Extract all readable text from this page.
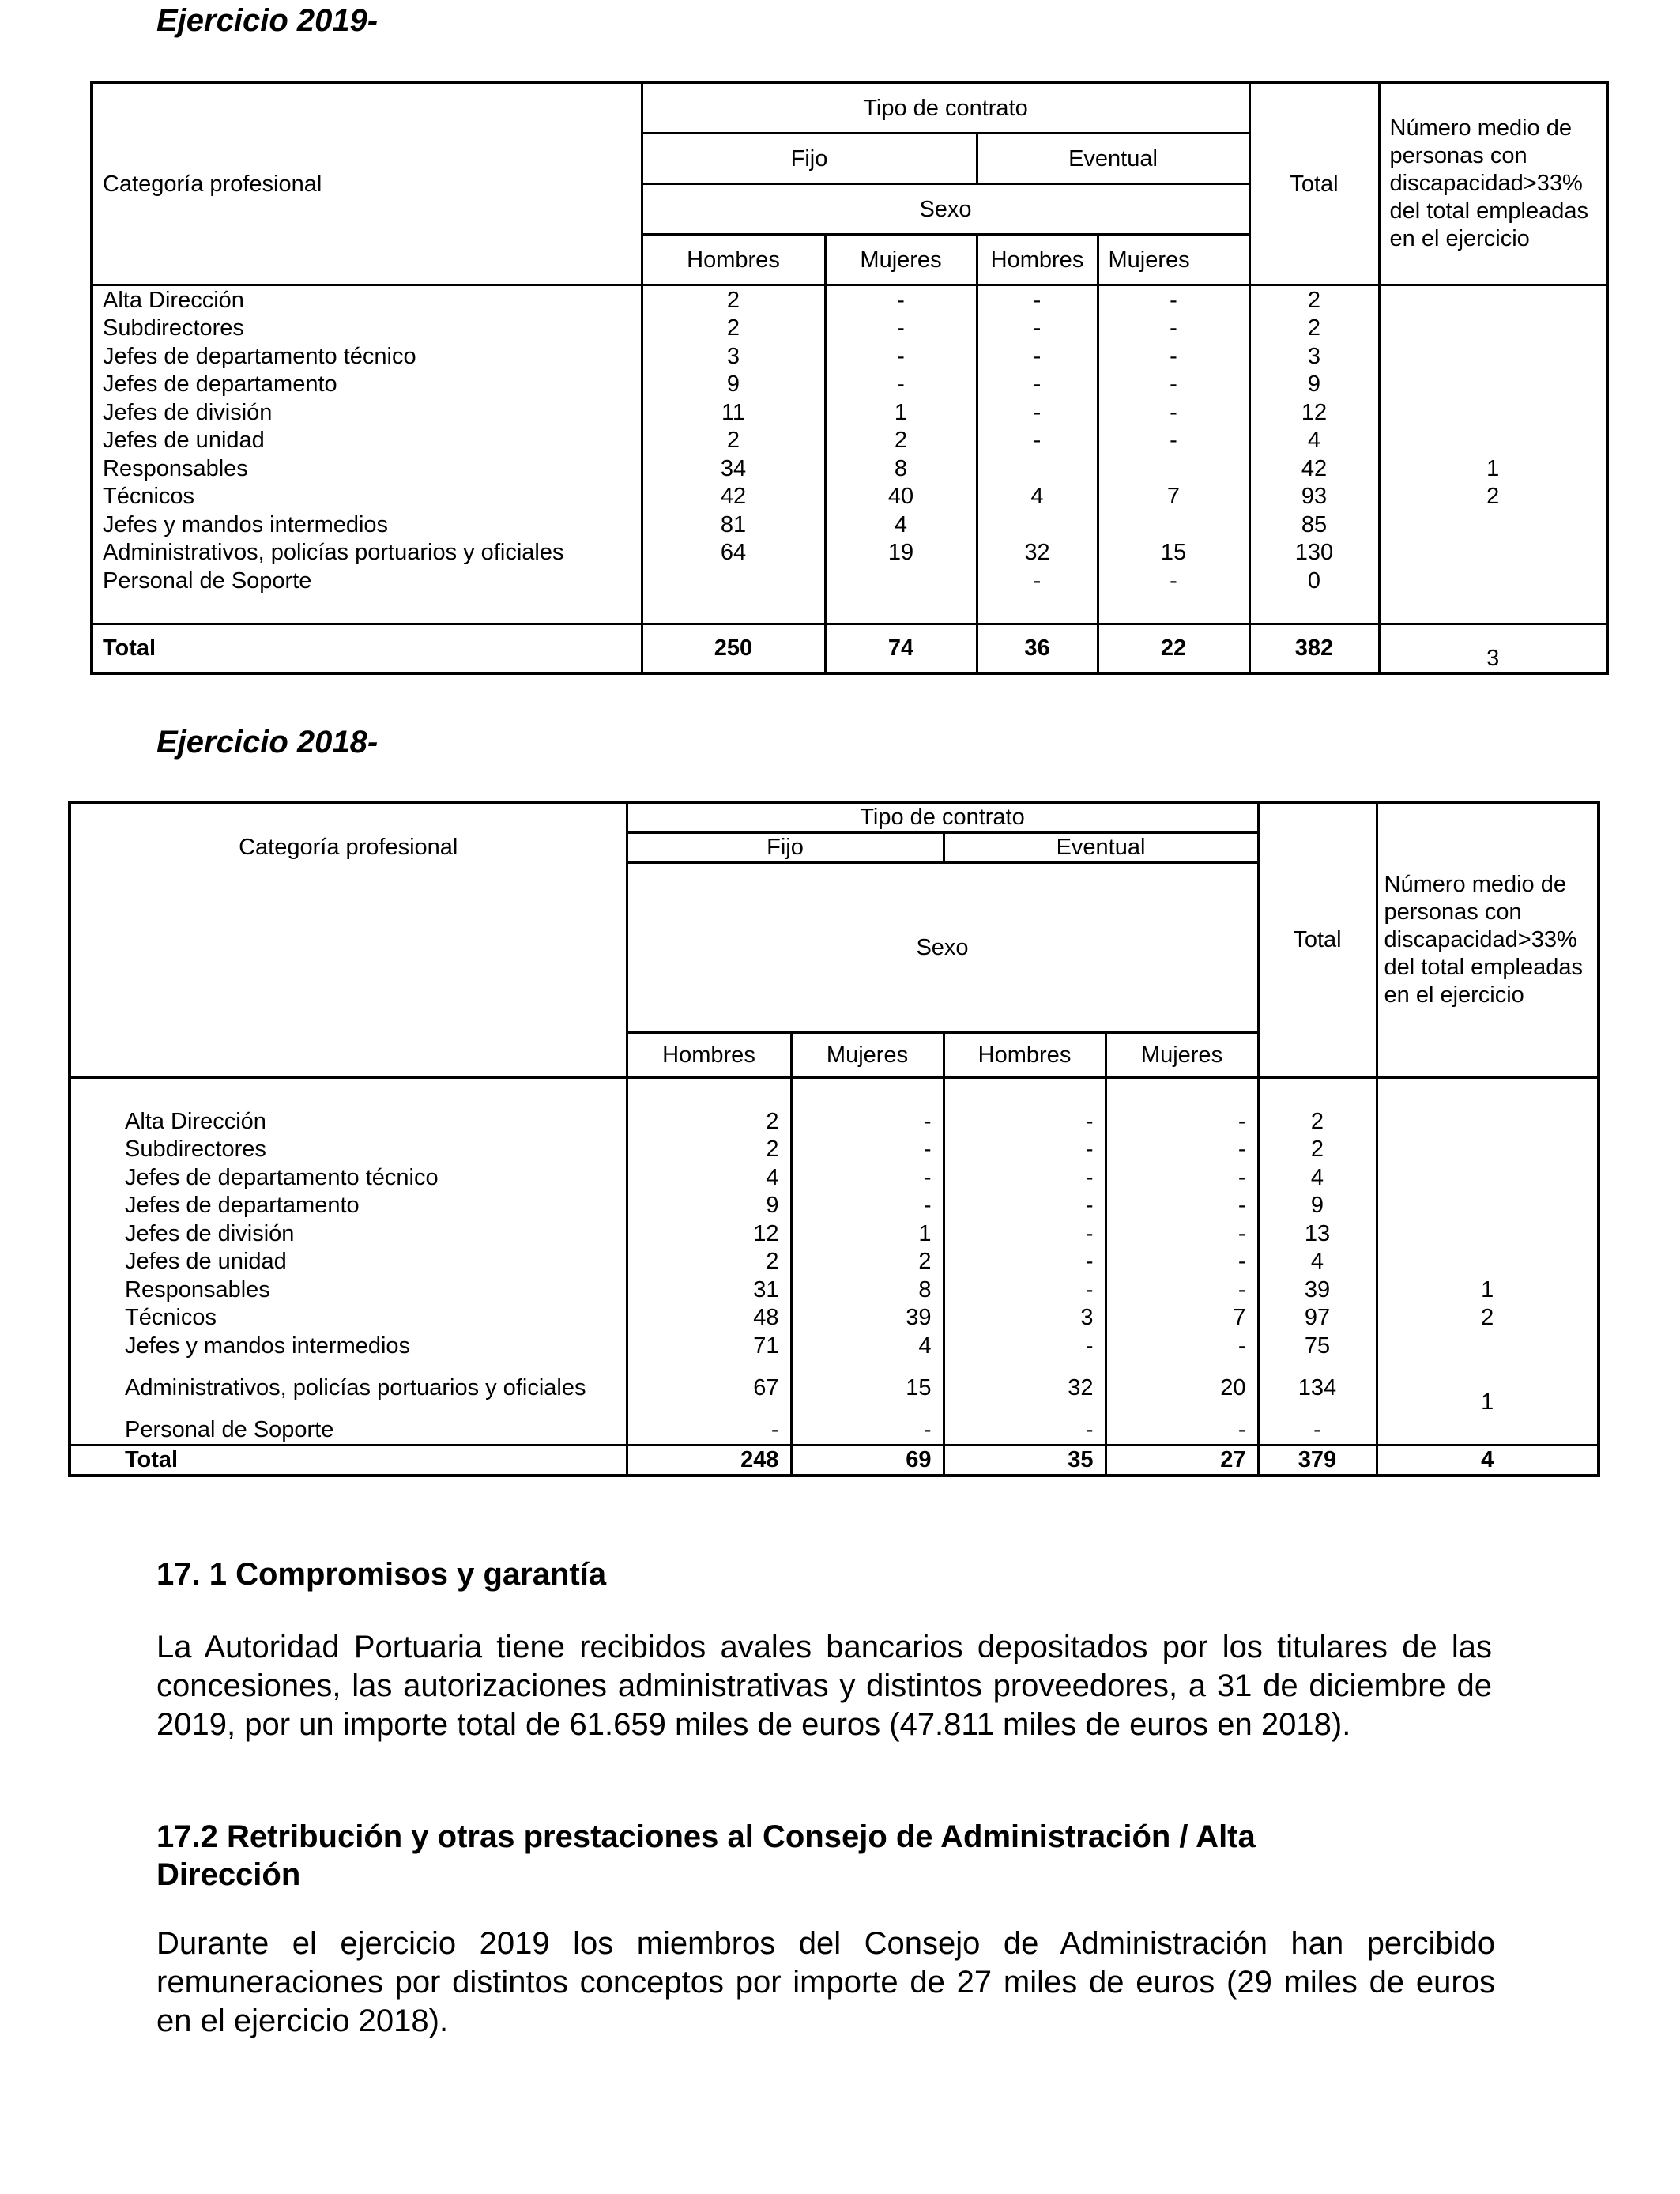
Ejercicio 2019-
Categoría profesional	Tipo de contrato				Total	Número medio de personas con discapacidad>33% del total empleadas en el ejercicio
	Fijo		Eventual			
	Sexo					
	Hombres	Mujeres	Hombres	Mujeres		
Alta Dirección	2	-	-	-	2	
Subdirectores	2	-	-	-	2	
Jefes de departamento técnico	3	-	-	-	3	
Jefes de departamento	9	-	-	-	9	
Jefes de división	11	1	-	-	12	
Jefes de unidad	2	2	-	-	4	
Responsables	34	8			42	1
Técnicos	42	40	4	7	93	2
Jefes y mandos intermedios	81	4			85	
Administrativos, policías portuarios y oficiales	64	19	32	15	130	
Personal de Soporte			-	-	0	

Total	250	74	36	22	382	3
Ejercicio 2018-
Categoría profesional	Tipo de contrato				Total	Número medio de personas con discapacidad>33% del total empleadas en el ejercicio
	Fijo		Eventual			
	Sexo					
	Hombres	Mujeres	Hombres	Mujeres		

Alta Dirección	2	-	-	-	2	
Subdirectores	2	-	-	-	2	
Jefes de departamento técnico	4	-	-	-	4	
Jefes de departamento	9	-	-	-	9	
Jefes de división	12	1	-	-	13	
Jefes de unidad	2	2	-	-	4	
Responsables	31	8	-	-	39	1
Técnicos	48	39	3	7	97	2
Jefes y mandos intermedios	71	4	-	-	75	
Administrativos, policías portuarios y oficiales	67	15	32	20	134	1
Personal de Soporte	-	-	-	-	-	
Total	248	69	35	27	379	4
17. 1 Compromisos y garantía

La Autoridad Portuaria tiene recibidos avales bancarios depositados por los titulares de las concesiones, las autorizaciones administrativas y distintos proveedores, a 31 de diciembre de 2019, por un importe total de 61.659 miles de euros (47.811 miles de euros en 2018).

17.2 Retribución y otras prestaciones al Consejo de Administración / Alta Dirección

Durante el ejercicio 2019 los miembros del Consejo de Administración han percibido remuneraciones por distintos conceptos por importe de 27 miles de euros (29 miles de euros en el ejercicio 2018).
